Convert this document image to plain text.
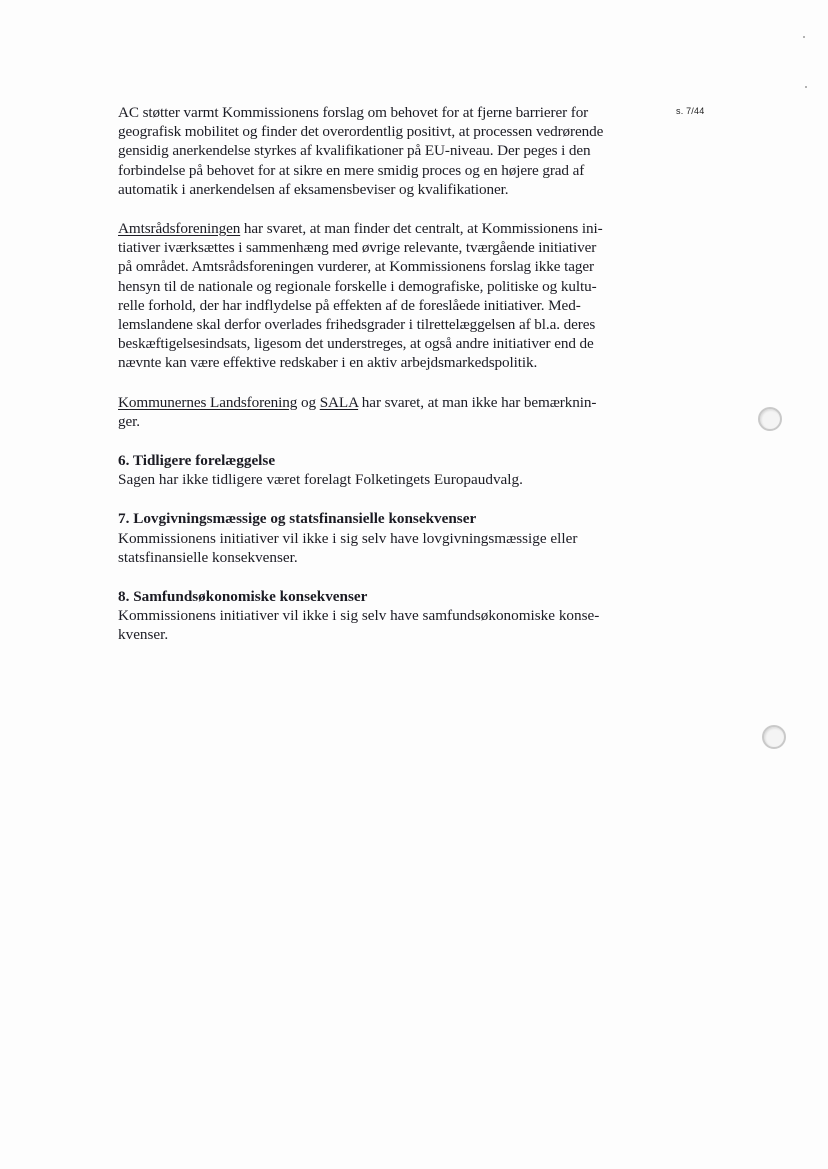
s. 7/44

AC støtter varmt Kommissionens forslag om behovet for at fjerne barrierer for
geografisk mobilitet og finder det overordentlig positivt, at processen vedrørende
gensidig anerkendelse styrkes af kvalifikationer på EU-niveau. Der peges i den
forbindelse på behovet for at sikre en mere smidig proces og en højere grad af
automatik i anerkendelsen af eksamensbeviser og kvalifikationer.

Amtsrådsforeningen har svaret, at man finder det centralt, at Kommissionens ini-
tiativer iværksættes i sammenhæng med øvrige relevante, tværgående initiativer
på området. Amtsrådsforeningen vurderer, at Kommissionens forslag ikke tager
hensyn til de nationale og regionale forskelle i demografiske, politiske og kultu-
relle forhold, der har indflydelse på effekten af de foreslåede initiativer. Med-
lemslandene skal derfor overlades frihedsgrader i tilrettelæggelsen af bl.a. deres
beskæftigelsesindsats, ligesom det understreges, at også andre initiativer end de
nævnte kan være effektive redskaber i en aktiv arbejdsmarkedspolitik.

Kommunernes Landsforening og SALA har svaret, at man ikke har bemærknin-
ger.

6. Tidligere forelæggelse
Sagen har ikke tidligere været forelagt Folketingets Europaudvalg.
7. Lovgivningsmæssige og statsfinansielle konsekvenser
Kommissionens initiativer vil ikke i sig selv have lovgivningsmæssige eller
statsfinansielle konsekvenser.
8. Samfundsøkonomiske konsekvenser
Kommissionens initiativer vil ikke i sig selv have samfundsøkonomiske konse-
kvenser.
